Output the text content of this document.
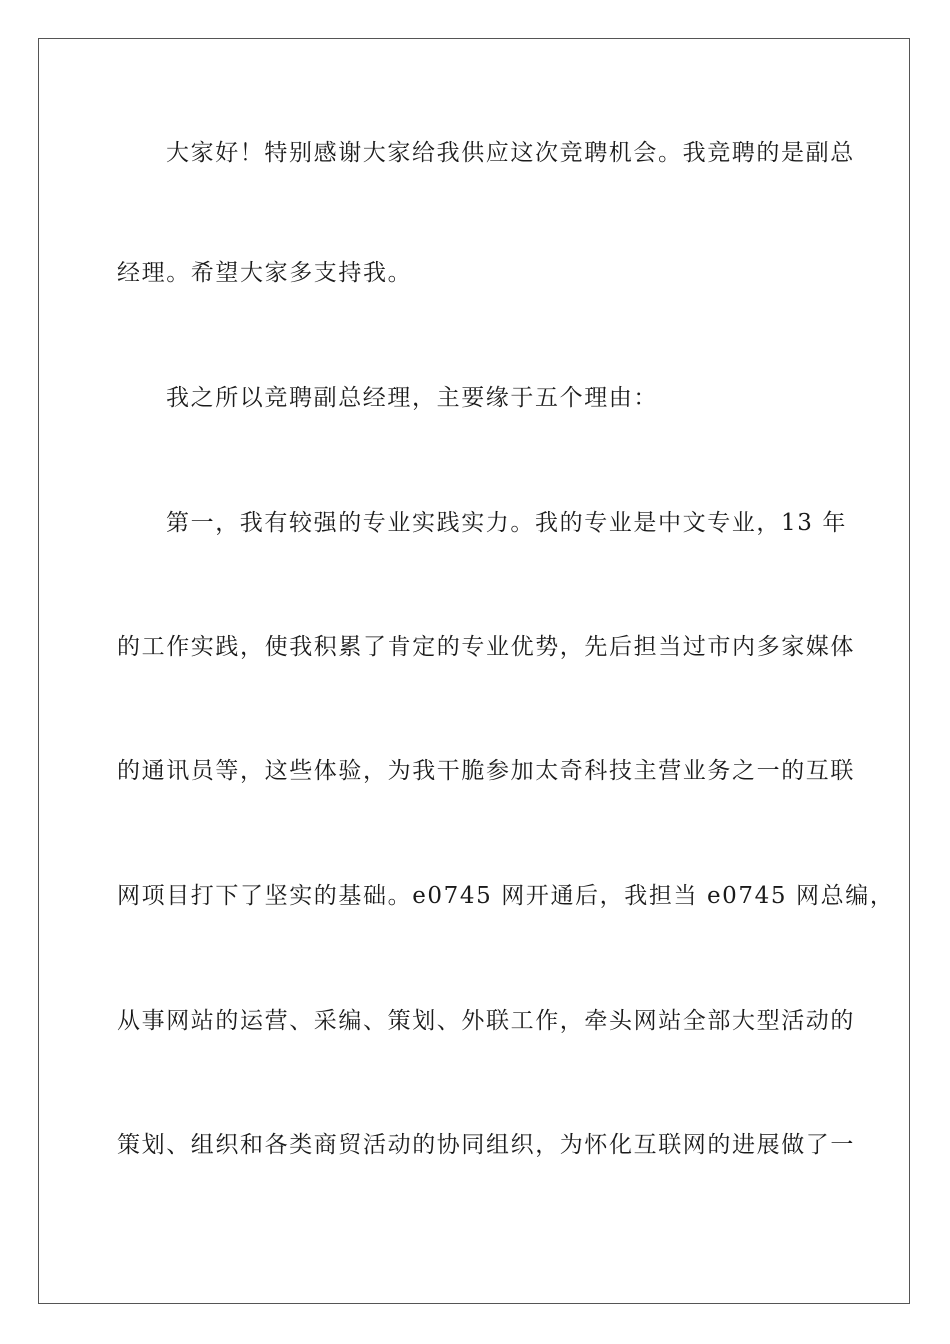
大家好！特别感谢大家给我供应这次竞聘机会。我竞聘的是副总
经理。希望大家多支持我。
我之所以竞聘副总经理，主要缘于五个理由：
第一，我有较强的专业实践实力。我的专业是中文专业，13 年
的工作实践，使我积累了肯定的专业优势，先后担当过市内多家媒体
的通讯员等，这些体验，为我干脆参加太奇科技主营业务之一的互联
网项目打下了坚实的基础。e0745 网开通后，我担当 e0745 网总编，
从事网站的运营、采编、策划、外联工作，牵头网站全部大型活动的
策划、组织和各类商贸活动的协同组织，为怀化互联网的进展做了一
